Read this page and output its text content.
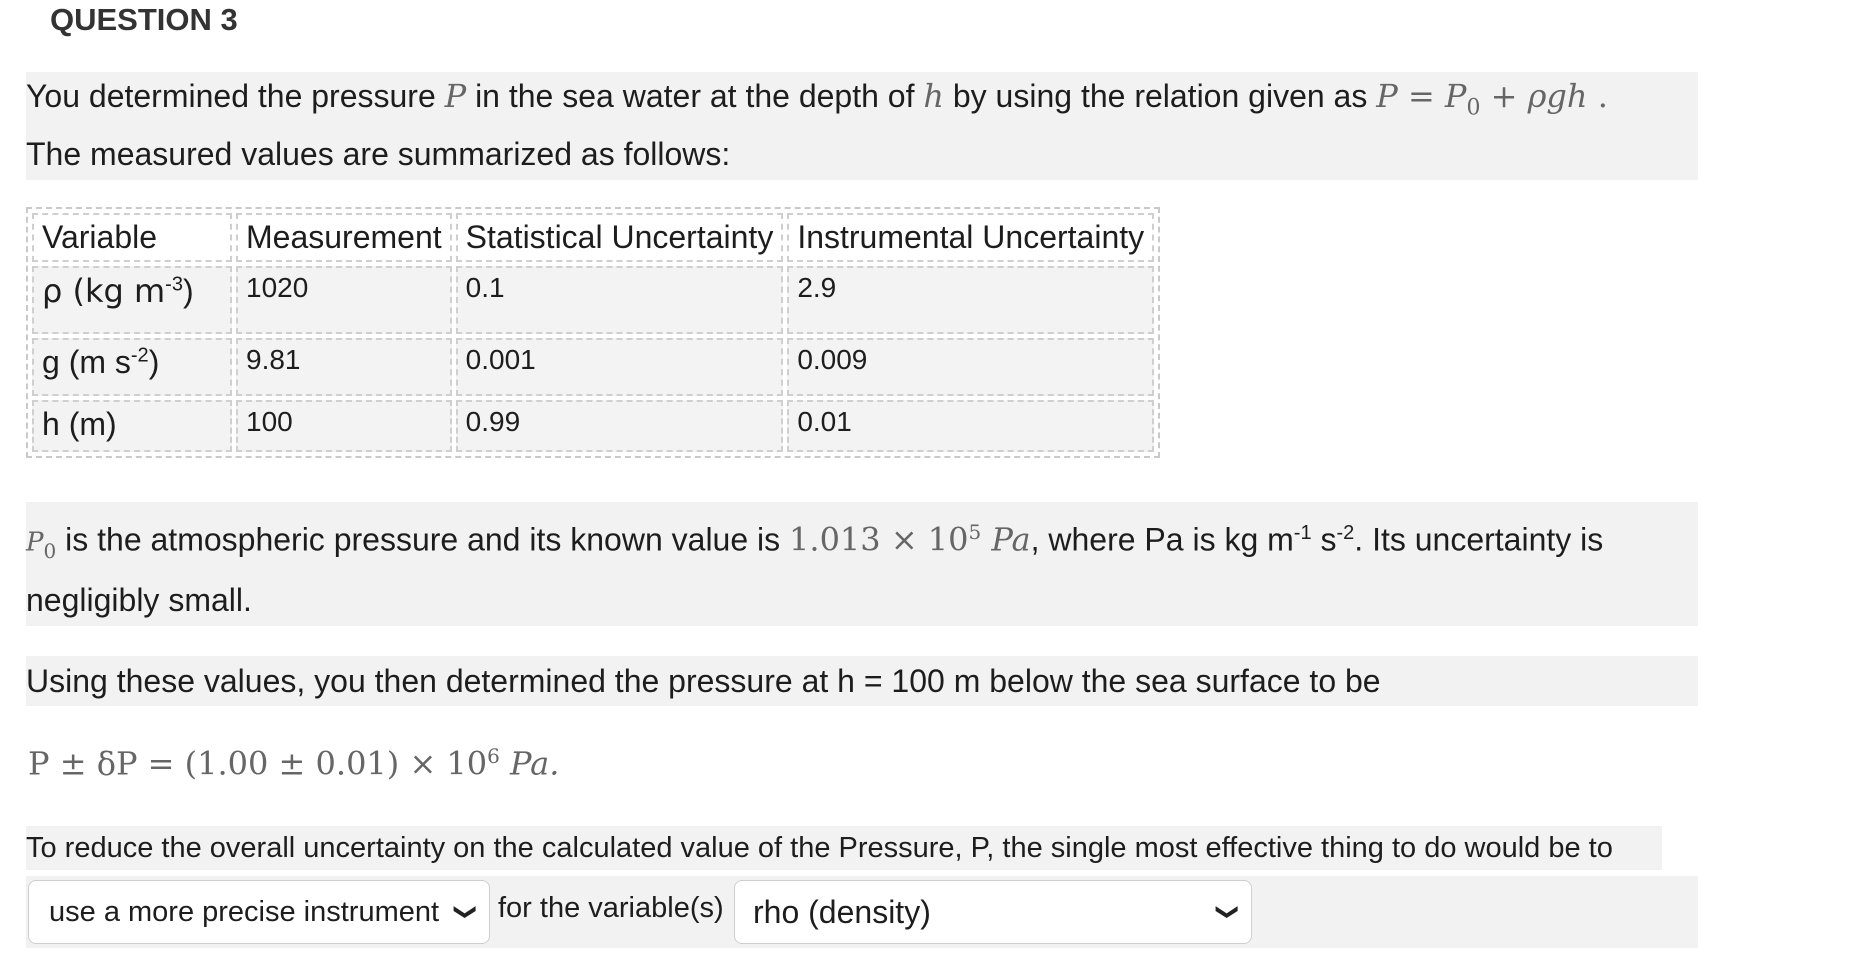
QUESTION 3
You determined the pressure P in the sea water at the depth of h by using the relation given as $P = P_0 + \rho gh$ .
The measured values are summarized as follows:
Variable	Measurement	Statistical Uncertainty	Instrumental Uncertainty
ρ (kg $m^{-3}$)	1020	0.1	2.9
g (m $s^{-2}$)	9.81	0.001	0.009
h (m)	100	0.99	0.01
$P_0$ is the atmospheric pressure and its known value is $1.013 \times 10^5$ Pa, where Pa is kg $m^{-1}$ $s^{-2}$. Its uncertainty is
negligibly small.
Using these values, you then determined the pressure at h = 100 m below the sea surface to be
$P \pm \delta P = (1.00 \pm 0.01) \times 10^6$ Pa.
To reduce the overall uncertainty on the calculated value of the Pressure, P, the single most effective thing to do would be to
use a more precise instrument ❯ for the variable(s) rho (density)	❯
